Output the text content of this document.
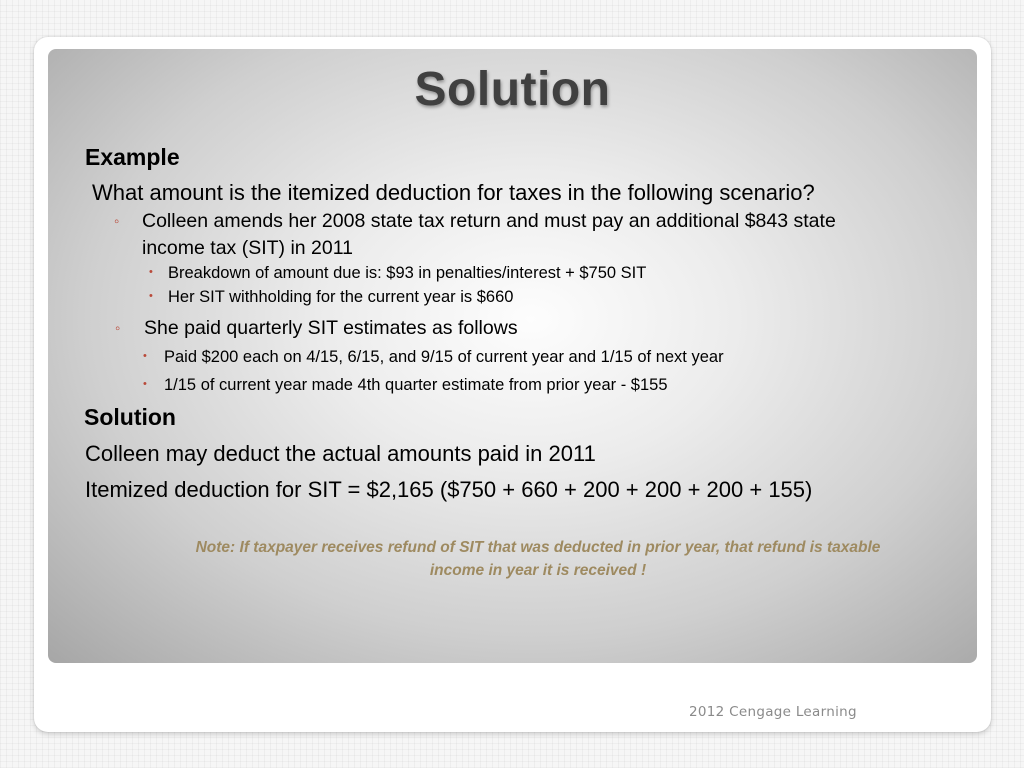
Solution
Example
What amount is the itemized deduction for taxes in the following scenario?
◦ Colleen amends her 2008 state tax return and must pay an additional $843 state
income tax (SIT) in 2011
• Breakdown of amount due is: $93 in penalties/interest + $750 SIT
• Her SIT withholding for the current year is $660
◦ She paid quarterly SIT estimates as follows
• Paid $200 each on 4/15, 6/15, and 9/15 of current year and 1/15 of next year
• 1/15 of current year made 4th quarter estimate from prior year - $155
Solution
Colleen may deduct the actual amounts paid in 2011
Itemized deduction for SIT = $2,165 ($750 + 660 + 200 + 200 + 200 + 155)
Note: If taxpayer receives refund of SIT that was deducted in prior year, that refund is taxable
income in year it is received !
2012 Cengage Learning
